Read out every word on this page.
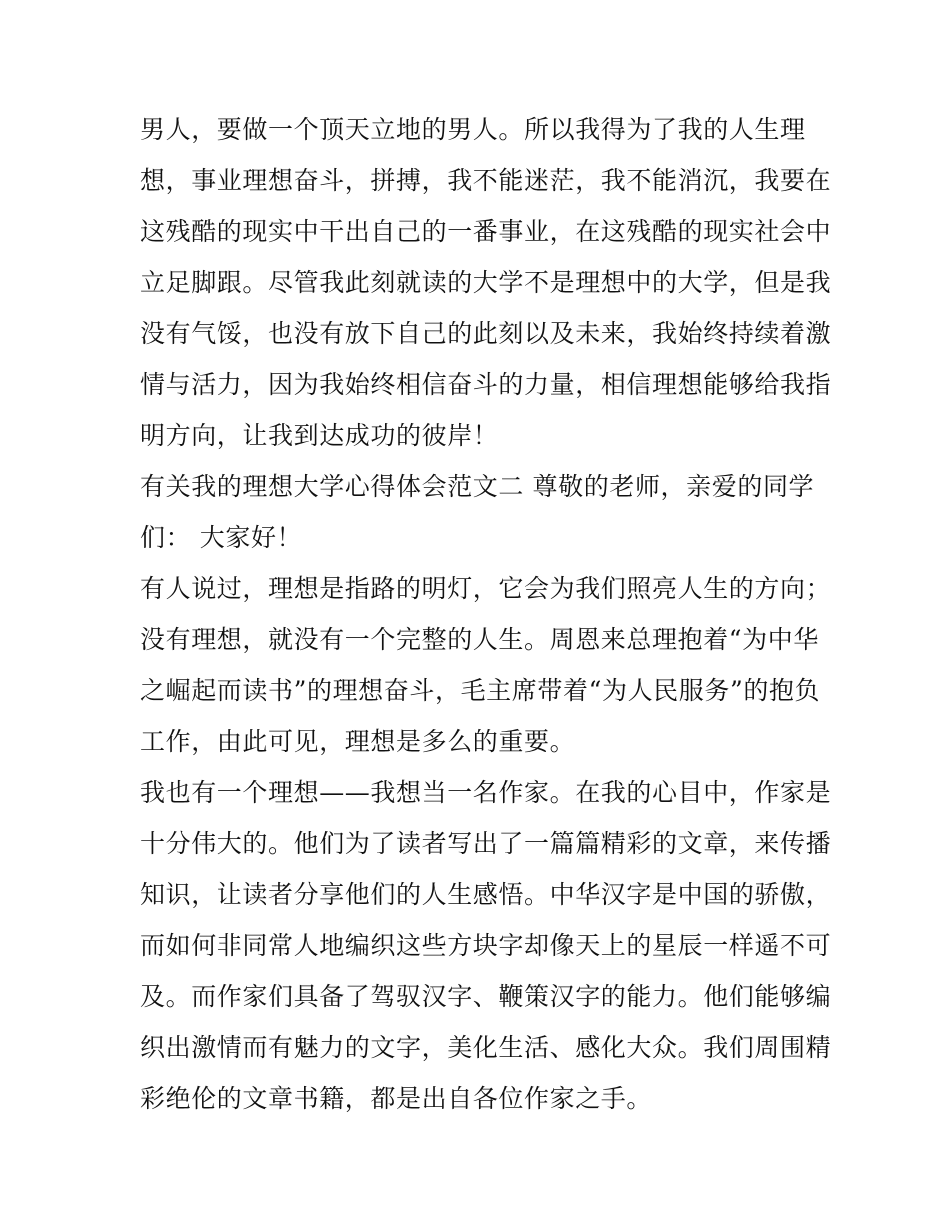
男人，要做一个顶天立地的男人。所以我得为了我的人生理
想，事业理想奋斗，拼搏，我不能迷茫，我不能消沉，我要在
这残酷的现实中干出自己的一番事业，在这残酷的现实社会中
立足脚跟。尽管我此刻就读的大学不是理想中的大学，但是我
没有气馁，也没有放下自己的此刻以及未来，我始终持续着激
情与活力，因为我始终相信奋斗的力量，相信理想能够给我指
明方向，让我到达成功的彼岸！
有关我的理想大学心得体会范文二 尊敬的老师，亲爱的同学
们： 大家好！
有人说过，理想是指路的明灯，它会为我们照亮人生的方向；
没有理想，就没有一个完整的人生。周恩来总理抱着“为中华
之崛起而读书”的理想奋斗，毛主席带着“为人民服务”的抱负
工作，由此可见，理想是多么的重要。
我也有一个理想——我想当一名作家。在我的心目中，作家是
十分伟大的。他们为了读者写出了一篇篇精彩的文章，来传播
知识，让读者分享他们的人生感悟。中华汉字是中国的骄傲，
而如何非同常人地编织这些方块字却像天上的星辰一样遥不可
及。而作家们具备了驾驭汉字、鞭策汉字的能力。他们能够编
织出激情而有魅力的文字，美化生活、感化大众。我们周围精
彩绝伦的文章书籍，都是出自各位作家之手。
